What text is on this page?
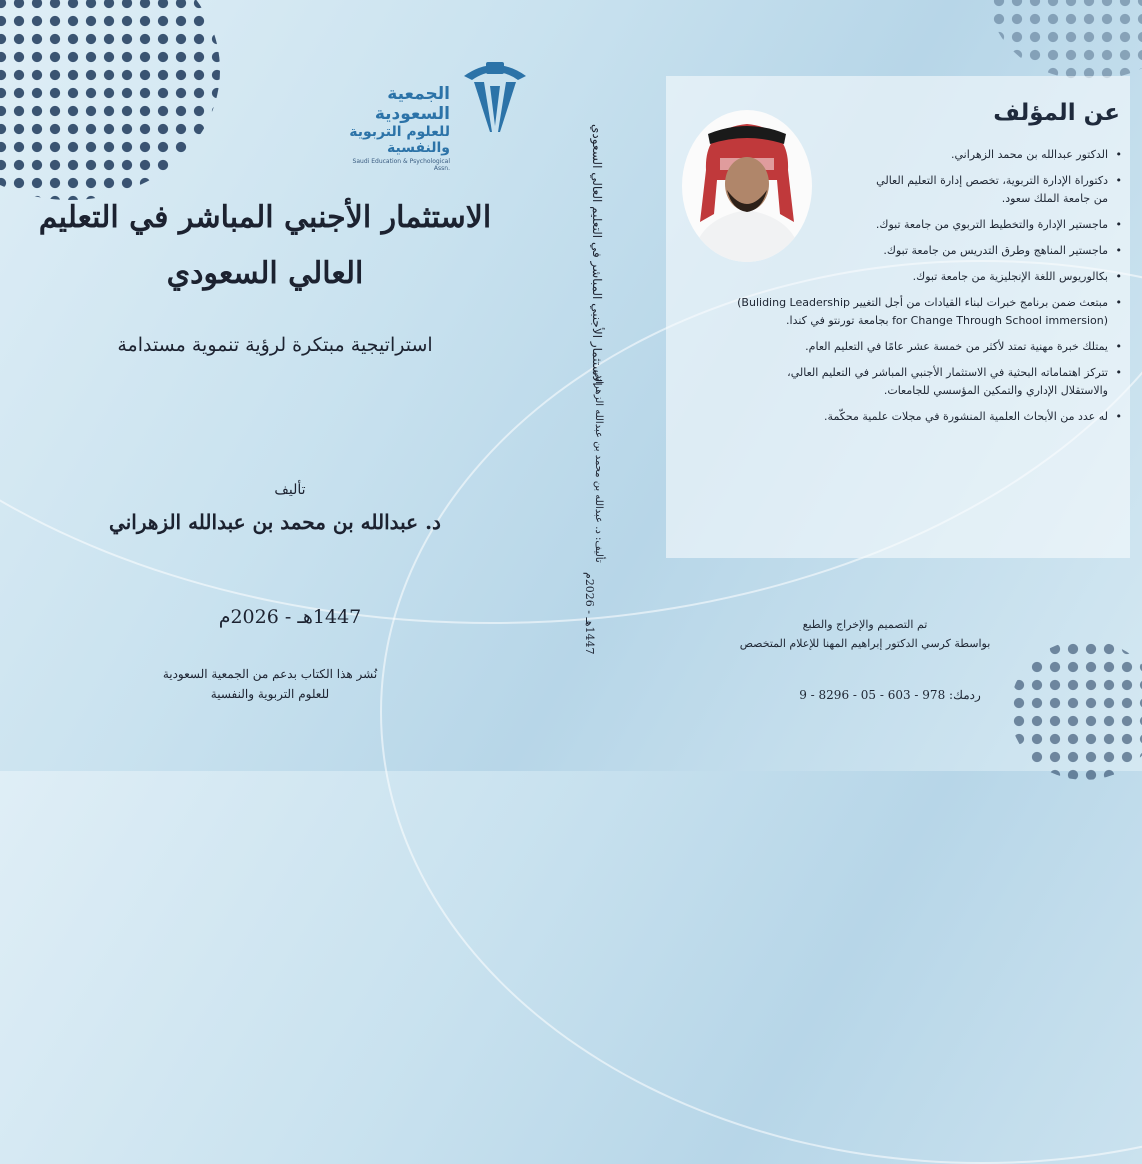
الجمعية السعودية
للعلوم التربوية والنفسية
Saudi Education & Psychological Assn.
الاستثمار الأجنبي المباشر في التعليم
العالي السعودي
استراتيجية مبتكرة لرؤية تنموية مستدامة
تأليف
د. عبدالله بن محمد بن عبدالله الزهراني
1447هـ - 2026م
نُشر هذا الكتاب بدعم من الجمعية السعودية
للعلوم التربوية والنفسية
الاستثمار الأجنبي المباشر في التعليم العالي السعودي
تأليف: د. عبدالله بن محمد بن عبدالله الزهراني
1447هـ - 2026م
عن المؤلف
• الدكتور عبدالله بن محمد الزهراني.
• دكتوراة الإدارة التربوية، تخصص إدارة التعليم العالي
من جامعة الملك سعود.
• ماجستير الإدارة والتخطيط التربوي من جامعة تبوك.
• ماجستير المناهج وطرق التدريس من جامعة تبوك.
• بكالوريوس اللغة الإنجليزية من جامعة تبوك.
• مبتعث ضمن برنامج خبرات لبناء القيادات من أجل التغيير (Buliding Leadership
for Change Through School immersion) بجامعة تورنتو في كندا.
• يمتلك خبرة مهنية تمتد لأكثر من خمسة عشر عامًا في التعليم العام.
• تتركز اهتماماته البحثية في الاستثمار الأجنبي المباشر في التعليم العالي،
والاستقلال الإداري والتمكين المؤسسي للجامعات.
• له عدد من الأبحاث العلمية المنشورة في مجلات علمية محكّمة.
تم التصميم والإخراج والطبع
بواسطة كرسي الدكتور إبراهيم المهنا للإعلام المتخصص
ردمك: 9 - 8296 - 05 - 603 - 978
